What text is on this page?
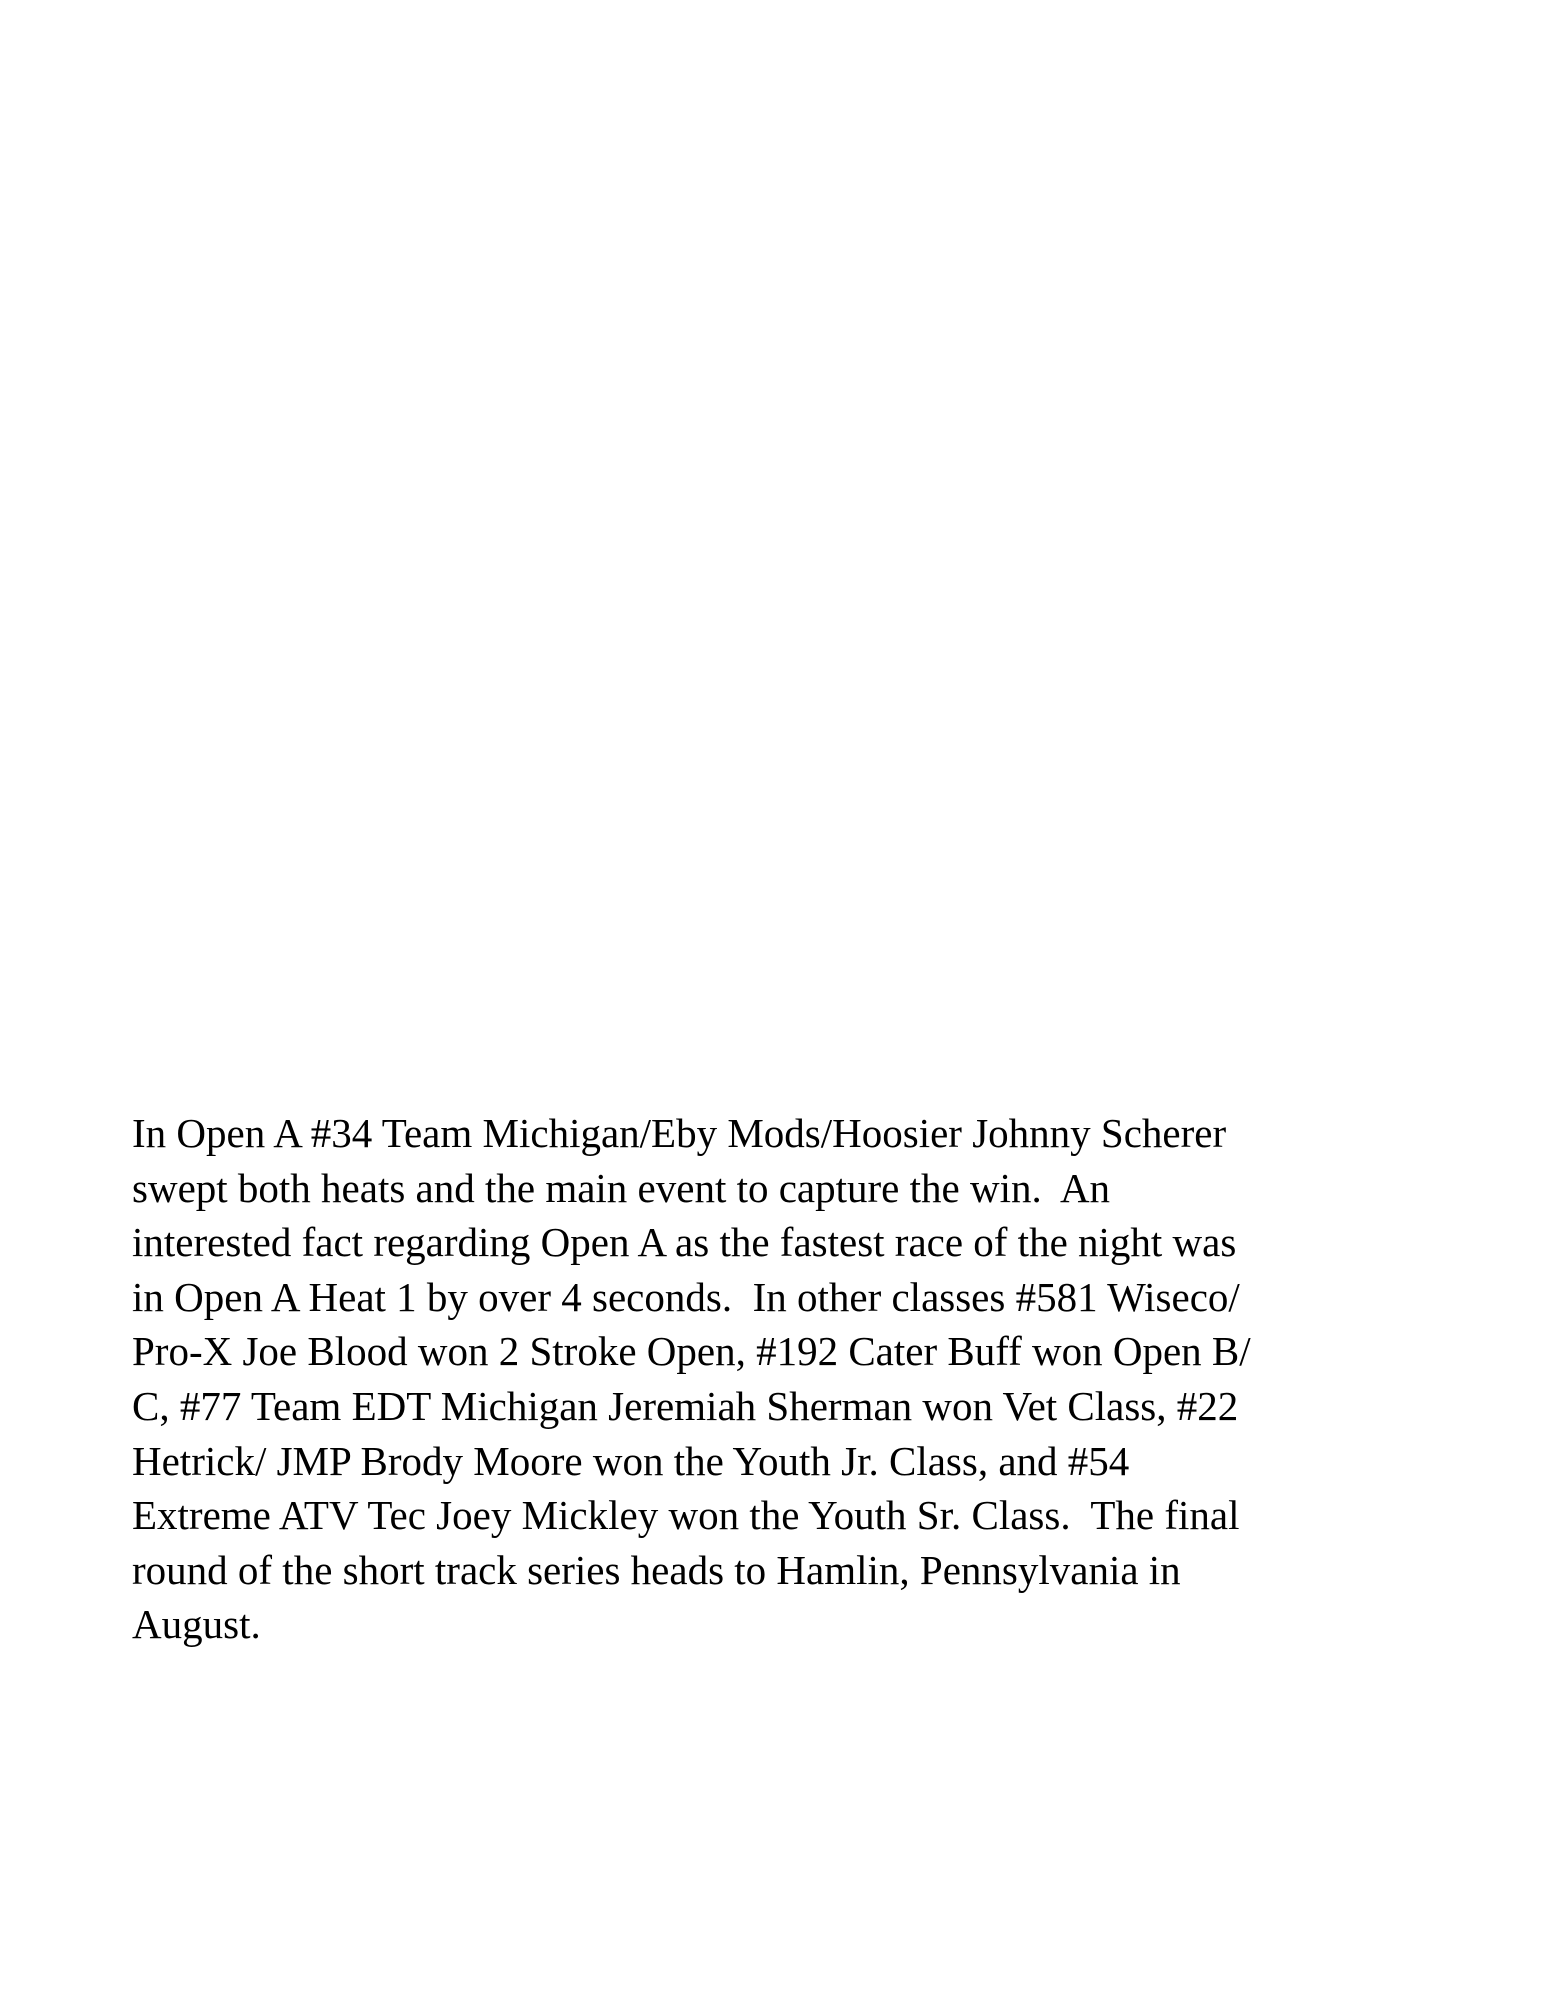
In Open A #34 Team Michigan/Eby Mods/Hoosier Johnny Scherer
swept both heats and the main event to capture the win.  An
interested fact regarding Open A as the fastest race of the night was
in Open A Heat 1 by over 4 seconds.  In other classes #581 Wiseco/
Pro-X Joe Blood won 2 Stroke Open, #192 Cater Buff won Open B/
C, #77 Team EDT Michigan Jeremiah Sherman won Vet Class, #22
Hetrick/ JMP Brody Moore won the Youth Jr. Class, and #54
Extreme ATV Tec Joey Mickley won the Youth Sr. Class.  The final
round of the short track series heads to Hamlin, Pennsylvania in
August.
